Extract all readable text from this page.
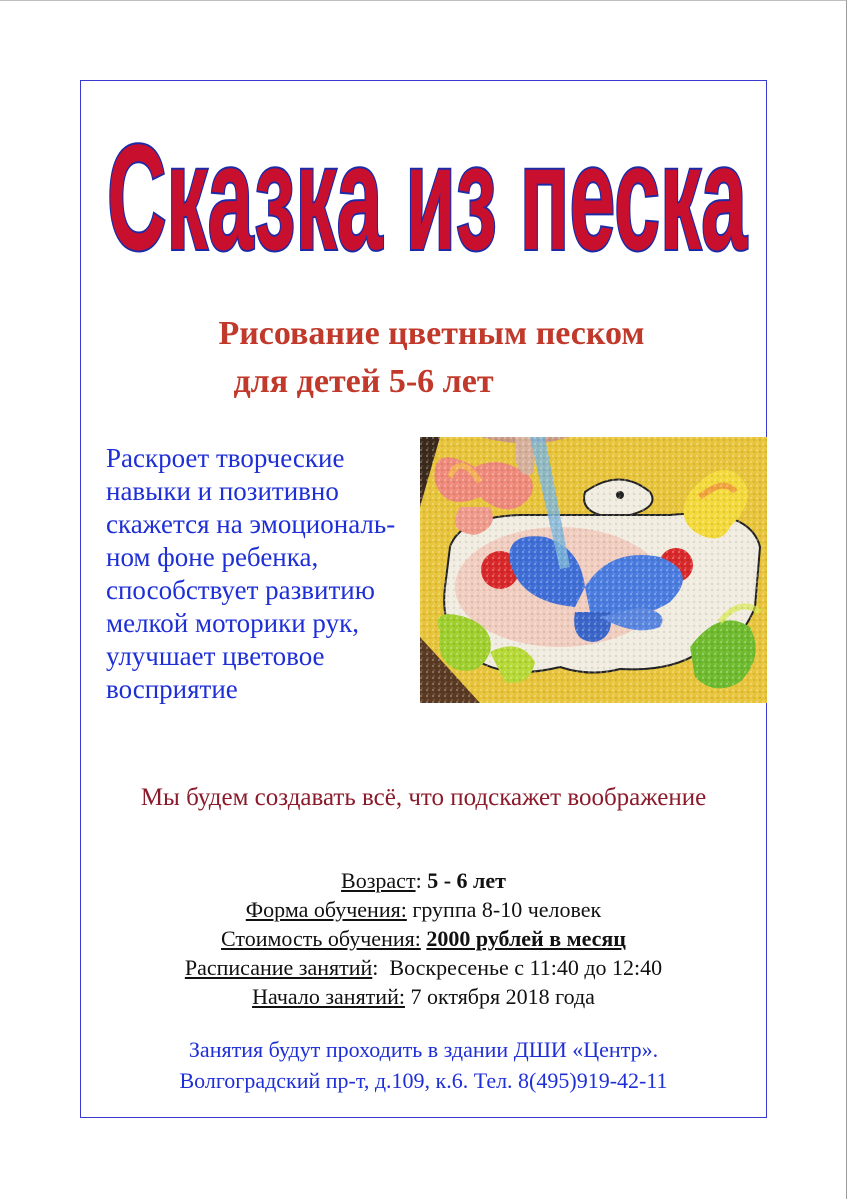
Сказка из песка
Рисование цветным песком
для детей 5-6 лет
Раскроет творческие
навыки и позитивно
скажется на эмоциональ-
ном фоне ребенка,
способствует развитию
мелкой моторики рук,
улучшает цветовое
восприятие
Мы будем создавать всё, что подскажет воображение
Возраст: 5 - 6 лет
Форма обучения: группа 8-10 человек
Стоимость обучения: 2000 рублей в месяц
Расписание занятий:  Воскресенье с 11:40 до 12:40
Начало занятий: 7 октября 2018 года
Занятия будут проходить в здании ДШИ «Центр».
Волгоградский пр-т, д.109, к.6. Тел. 8(495)919-42-11
